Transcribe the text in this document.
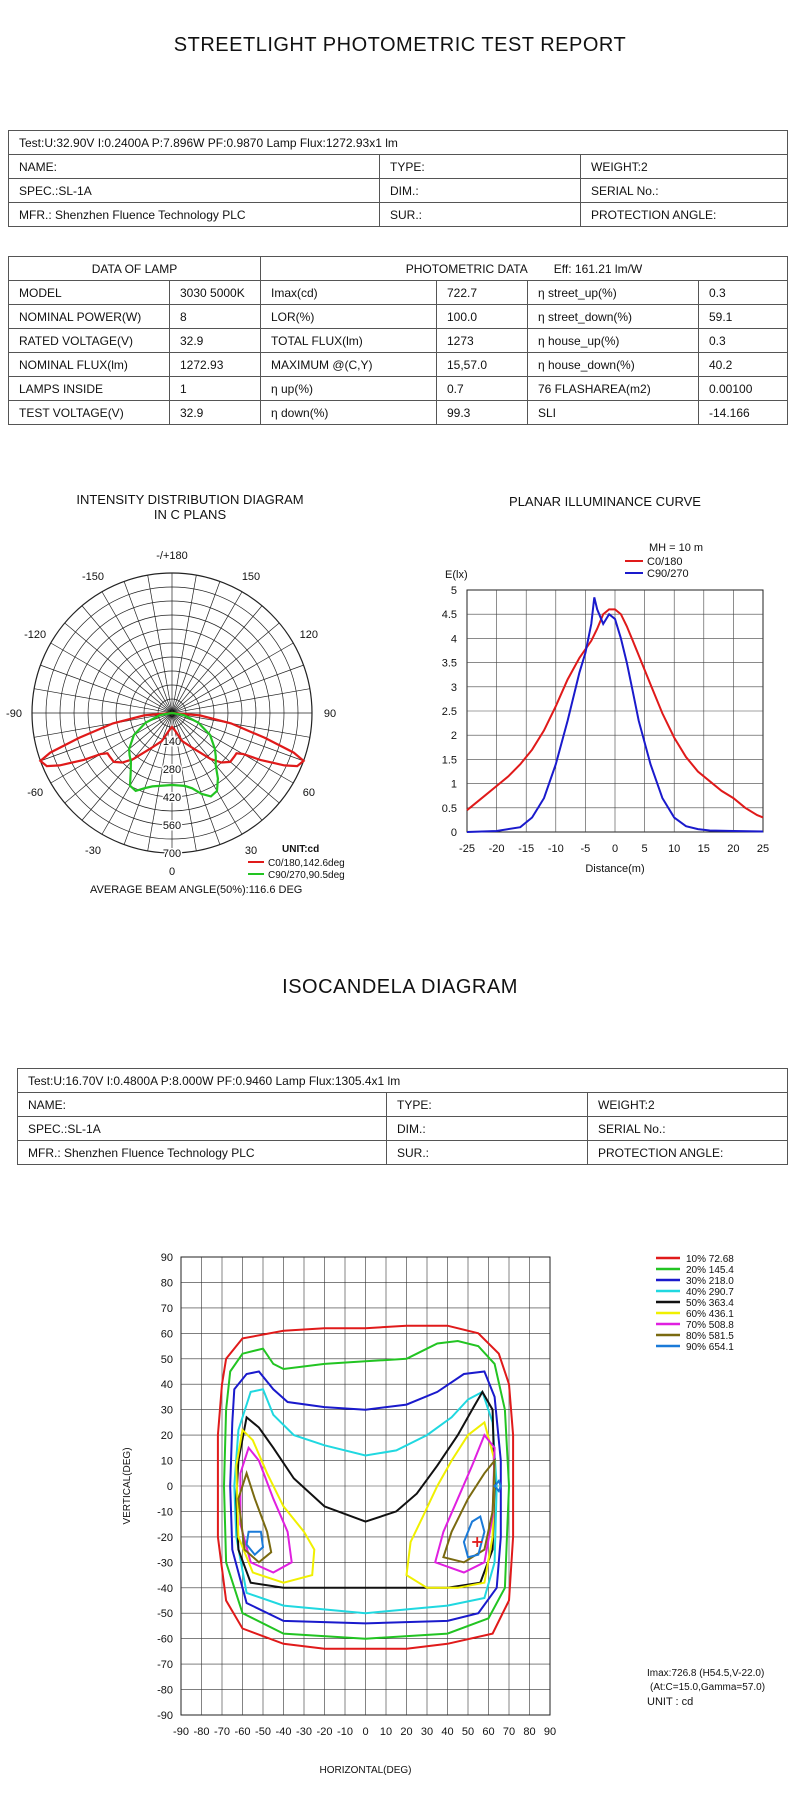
STREETLIGHT PHOTOMETRIC TEST REPORT
Test:U:32.90V I:0.2400A P:7.896W PF:0.9870 Lamp Flux:1272.93x1 lm		
NAME:	TYPE:	WEIGHT:2
SPEC.:SL-1A	DIM.:	SERIAL No.:
MFR.: Shenzhen Fluence Technology PLC	SUR.:	PROTECTION ANGLE:
DATA OF LAMP		PHOTOMETRIC DATA Eff: 161.21 lm/W			
MODEL	3030 5000K	Imax(cd)	722.7	η street_up(%)	0.3
NOMINAL POWER(W)	8	LOR(%)	100.0	η street_down(%)	59.1
RATED VOLTAGE(V)	32.9	TOTAL FLUX(lm)	1273	η house_up(%)	0.3
NOMINAL FLUX(lm)	1272.93	MAXIMUM @(C,Y)	15,57.0	η house_down(%)	40.2
LAMPS INSIDE	1	η up(%)	0.7	76 FLASHAREA(m2)	0.00100
TEST VOLTAGE(V)	32.9	η down(%)	99.3	SLI	-14.166
INTENSITY DISTRIBUTION DIAGRAM
IN C PLANS
-/+180
150
120
90
60
30
0
-30
-60
-90
-120
-150
0
140
280
420
560
700	UNIT:cd
C0/180,142.6deg
C90/270,90.5deg
AVERAGE BEAM ANGLE(50%):116.6 DEG
PLANAR ILLUMINANCE CURVE
5
4.5
4
3.5
3
2.5
2
1.5
1
0.5
0
-25 -20 -15 -10 -5 0 5 10 15 20 25
E(lx)
Distance(m)
MH = 10 m
C0/180
C90/270
ISOCANDELA DIAGRAM
Test:U:16.70V I:0.4800A P:8.000W PF:0.9460 Lamp Flux:1305.4x1 lm		
NAME:	TYPE:	WEIGHT:2
SPEC.:SL-1A	DIM.:	SERIAL No.:
MFR.: Shenzhen Fluence Technology PLC	SUR.:	PROTECTION ANGLE:
90
80
70
60
50
40
30
20
10
0
-10
-20
-30
-40
-50
-60
-70
-80
-90
-90 -80 -70 -60 -50 -40 -30 -20 -10 0 10 20 30 40 50 60 70 80 90
HORIZONTAL(DEG)
VERTICAL(DEG)
10% 72.68
20% 145.4
30% 218.0
40% 290.7
50% 363.4
60% 436.1
70% 508.8
80% 581.5
90% 654.1
Imax:726.8 (H54.5,V-22.0)
(At:C=15.0,Gamma=57.0)
UNIT : cd
